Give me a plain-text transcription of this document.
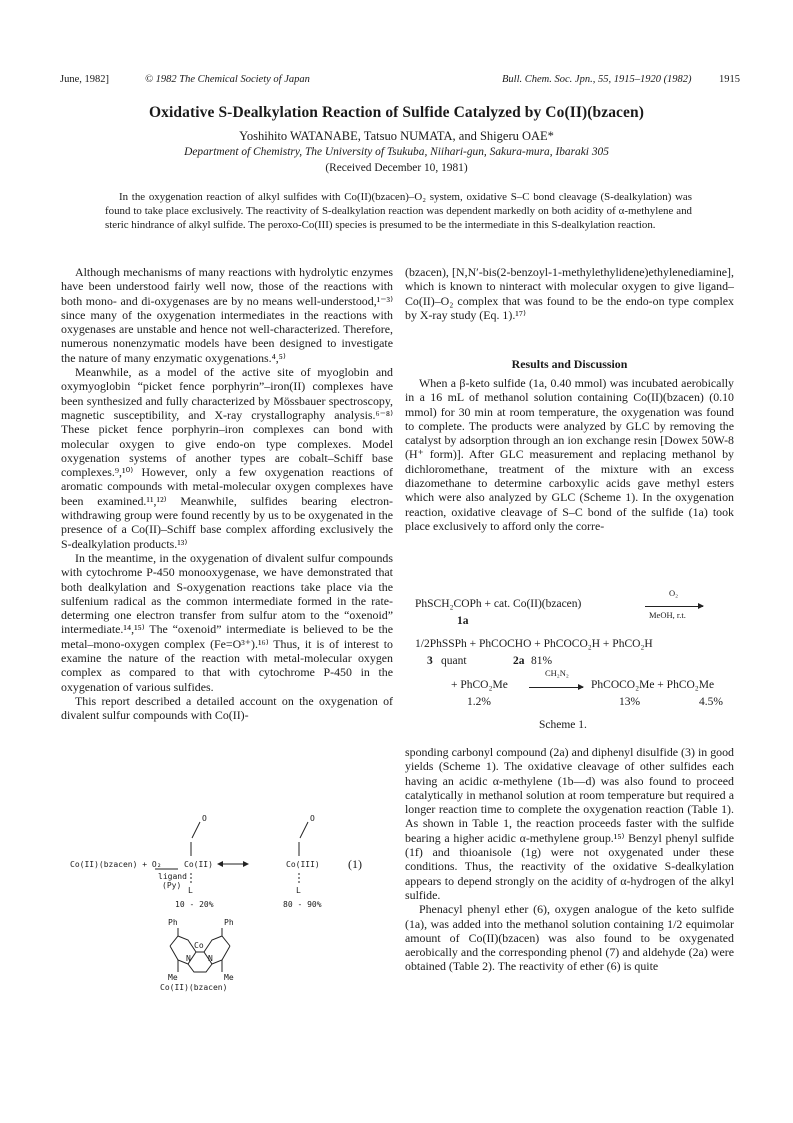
June, 1982]	© 1982 The Chemical Society of Japan	Bull. Chem. Soc. Jpn., 55, 1915–1920 (1982)	1915
Oxidative S-Dealkylation Reaction of Sulfide Catalyzed by Co(II)(bzacen)
Yoshihito WATANABE, Tatsuo NUMATA, and Shigeru OAE*
Department of Chemistry, The University of Tsukuba, Niihari-gun, Sakura-mura, Ibaraki 305
(Received December 10, 1981)

In the oxygenation reaction of alkyl sulfides with Co(II)(bzacen)–O₂ system, oxidative S–C bond cleavage (S-dealkylation) was found to take place exclusively. The reactivity of S-dealkylation reaction was dependent markedly on both acidity of α-methylene and steric hindrance of alkyl sulfide. The peroxo-Co(III) species is presumed to be the intermediate in this S-dealkylation reaction.

Although mechanisms of many reactions with hydrolytic enzymes have been understood fairly well now, those of the reactions with both mono- and di-oxygenases are by no means well-understood,¹⁻³⁾ since many of the oxygenation intermediates in the reactions with oxygenases are unstable and hence not well-characterized. Therefore, numerous nonenzymatic models have been designed to investigate the nature of many enzymatic oxygenations.⁴,⁵⁾

Meanwhile, as a model of the active site of myoglobin and oxymyoglobin “picket fence porphyrin”–iron(II) complexes have been synthesized and fully characterized by Mössbauer spectroscopy, magnetic susceptibility, and X-ray crystallography analysis.⁶⁻⁸⁾ These picket fence porphyrin–iron complexes can bond with molecular oxygen to give endo-on type complexes. Model oxygenation systems of another types are cobalt–Schiff base complexes.⁹,¹⁰⁾ However, only a few oxygenation reactions of aromatic compounds with metal-molecular oxygen complexes have been examined.¹¹,¹²⁾ Meanwhile, sulfides bearing electron-withdrawing group were found recently by us to be oxygenated in the presence of a Co(II)–Schiff base complex affording exclusively the S-dealkylation products.¹³⁾

In the meantime, in the oxygenation of divalent sulfur compounds with cytochrome P-450 monooxygenase, we have demonstrated that both dealkylation and S-oxygenation reactions take place via the sulfenium radical as the common intermediate formed in the rate-determing one electron transfer from sulfur atom to the “oxenoid” intermediate.¹⁴,¹⁵⁾ The “oxenoid” intermediate is believed to be the metal–mono-oxygen complex (Fe=O³⁺).¹⁶⁾ Thus, it is of interest to examine the nature of the reaction with metal-molecular oxygen complex as compared to that with cytochrome P-450 in the oxygenation of various sulfides.

This report described a detailed account on the oxygenation of divalent sulfur compounds with Co(II)-

(bzacen), [N,N′-bis(2-benzoyl-1-methylethylidene)ethylenediamine], which is known to ninteract with molecular oxygen to give ligand–Co(II)–O₂ complex that was found to be the endo-on type complex by X-ray study (Eq. 1).¹⁷⁾

Results and Discussion

When a β-keto sulfide (1a, 0.40 mmol) was incubated aerobically in a 16 mL of methanol solution containing Co(II)(bzacen) (0.10 mmol) for 30 min at room temperature, the oxygenation was found to complete. The products were analyzed by GLC by removing the catalyst by adsorption through an ion exchange resin [Dowex 50W-8 (H⁺ form)]. After GLC measurement and replacing methanol by dichloromethane, treatment of the mixture with an excess diazomethane to determine carboxylic acids gave methyl esters which were also analyzed by GLC (Scheme 1). In the oxygenation reaction, oxidative cleavage of S–C bond of the sulfide (1a) took place exclusively to afford only the corre-

PhSCH₂COPh + cat. Co(II)(bzacen)
O₂
MeOH, r.t.
1a
1/2PhSSPh + PhCOCHO + PhCOCO₂H + PhCO₂H
3 quant	2a 81%
+ PhCO₂Me
CH₂N₂
PhCOCO₂Me + PhCO₂Me
1.2%	13%	4.5%
Scheme 1.

sponding carbonyl compound (2a) and diphenyl disulfide (3) in good yields (Scheme 1). The oxidative cleavage of other sulfides each having an acidic α-methylene (1b—d) was also found to proceed catalytically in methanol solution at room temperature but required a longer reaction time to complete the oxygenation reaction (Table 1). As shown in Table 1, the reaction proceeds faster with the sulfide bearing a higher acidic α-methylene group.¹⁵⁾ Benzyl phenyl sulfide (1f) and thioanisole (1g) were not oxygenated under these conditions. Thus, the reactivity of the oxidative S-dealkylation appears to depend strongly on the acidity of α-hydrogen of the alkyl sulfide.

Phenacyl phenyl ether (6), oxygen analogue of the keto sulfide (1a), was added into the methanol solution containing 1/2 equimolar amount of Co(II)(bzacen) was also found to be oxygenated aerobically and the corresponding phenol (7) and aldehyde (2a) were obtained (Table 2). The reactivity of ether (6) is quite

O	O
Co(II)(bzacen) + O₂	Co(II)	Co(III) (1)
ligand
(Py)
L	L
10 - 20%	80 - 90%
Ph	Ph
Co
N N
Me	Me
Co(II)(bzacen)
